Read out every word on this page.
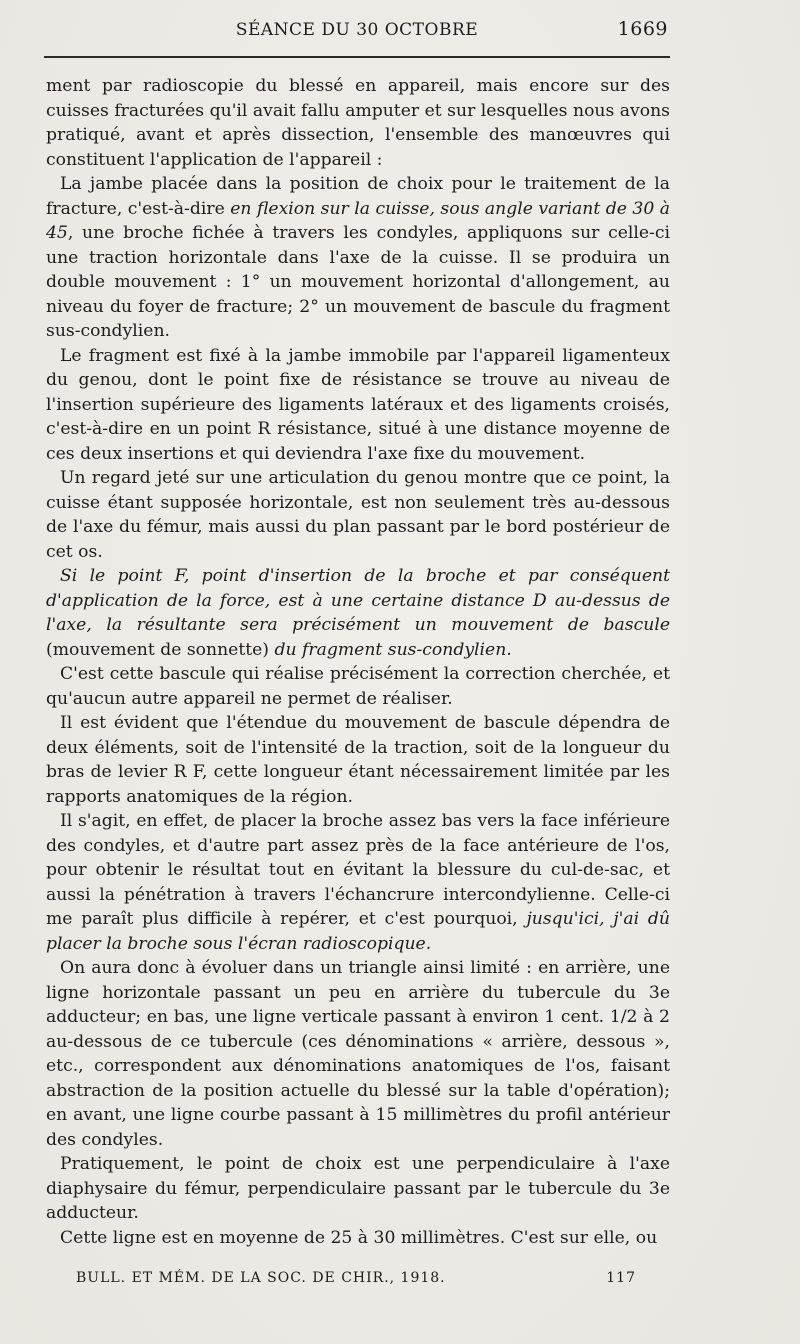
SÉANCE DU 30 OCTOBRE	1669

ment par radioscopie du blessé en appareil, mais encore sur des cuisses fracturées qu'il avait fallu amputer et sur lesquelles nous avons pratiqué, avant et après dissection, l'ensemble des manœuvres qui constituent l'application de l'appareil :

La jambe placée dans la position de choix pour le traitement de la fracture, c'est-à-dire en flexion sur la cuisse, sous angle variant de 30 à 45, une broche fichée à travers les condyles, appliquons sur celle-ci une traction horizontale dans l'axe de la cuisse. Il se produira un double mouvement : 1° un mouvement horizontal d'allongement, au niveau du foyer de fracture; 2° un mouvement de bascule du fragment sus-condylien.

Le fragment est fixé à la jambe immobile par l'appareil ligamenteux du genou, dont le point fixe de résistance se trouve au niveau de l'insertion supérieure des ligaments latéraux et des ligaments croisés, c'est-à-dire en un point R résistance, situé à une distance moyenne de ces deux insertions et qui deviendra l'axe fixe du mouvement.

Un regard jeté sur une articulation du genou montre que ce point, la cuisse étant supposée horizontale, est non seulement très au-dessous de l'axe du fémur, mais aussi du plan passant par le bord postérieur de cet os.

Si le point F, point d'insertion de la broche et par conséquent d'application de la force, est à une certaine distance D au-dessus de l'axe, la résultante sera précisément un mouvement de bascule (mouvement de sonnette) du fragment sus-condylien.

C'est cette bascule qui réalise précisément la correction cherchée, et qu'aucun autre appareil ne permet de réaliser.

Il est évident que l'étendue du mouvement de bascule dépendra de deux éléments, soit de l'intensité de la traction, soit de la longueur du bras de levier R F, cette longueur étant nécessairement limitée par les rapports anatomiques de la région.

Il s'agit, en effet, de placer la broche assez bas vers la face inférieure des condyles, et d'autre part assez près de la face antérieure de l'os, pour obtenir le résultat tout en évitant la blessure du cul-de-sac, et aussi la pénétration à travers l'échancrure intercondylienne. Celle-ci me paraît plus difficile à repérer, et c'est pourquoi, jusqu'ici, j'ai dû placer la broche sous l'écran radioscopique.

On aura donc à évoluer dans un triangle ainsi limité : en arrière, une ligne horizontale passant un peu en arrière du tubercule du 3e adducteur; en bas, une ligne verticale passant à environ 1 cent. 1/2 à 2 au-dessous de ce tubercule (ces dénominations « arrière, dessous », etc., correspondent aux dénominations anatomiques de l'os, faisant abstraction de la position actuelle du blessé sur la table d'opération); en avant, une ligne courbe passant à 15 millimètres du profil antérieur des condyles.

Pratiquement, le point de choix est une perpendiculaire à l'axe diaphysaire du fémur, perpendiculaire passant par le tubercule du 3e adducteur.

Cette ligne est en moyenne de 25 à 30 millimètres. C'est sur elle, ou

BULL. ET MÉM. DE LA SOC. DE CHIR., 1918.	117
